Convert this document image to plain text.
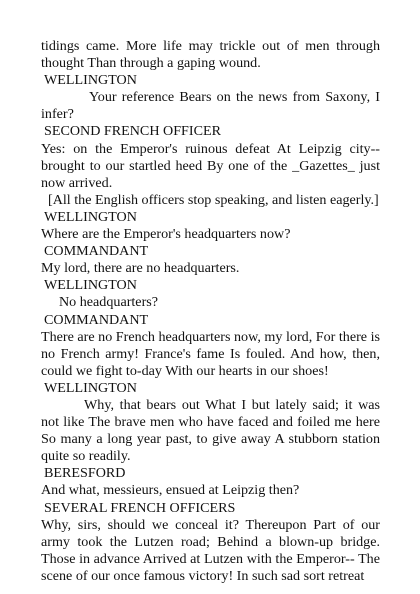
tidings came. More life may trickle out of men through thought Than through a gaping wound.

WELLINGTON

Your reference Bears on the news from Saxony, I infer?

SECOND FRENCH OFFICER

Yes: on the Emperor's ruinous defeat At Leipzig city--brought to our startled heed By one of the _Gazettes_ just now arrived.

[All the English officers stop speaking, and listen eagerly.]

WELLINGTON

Where are the Emperor's headquarters now?

COMMANDANT

My lord, there are no headquarters.

WELLINGTON

No headquarters?

COMMANDANT

There are no French headquarters now, my lord, For there is no French army! France's fame Is fouled. And how, then, could we fight to-day With our hearts in our shoes!

WELLINGTON

Why, that bears out What I but lately said; it was not like The brave men who have faced and foiled me here So many a long year past, to give away A stubborn station quite so readily.

BERESFORD

And what, messieurs, ensued at Leipzig then?

SEVERAL FRENCH OFFICERS

Why, sirs, should we conceal it? Thereupon Part of our army took the Lutzen road; Behind a blown-up bridge. Those in advance Arrived at Lutzen with the Emperor-- The scene of our once famous victory! In such sad sort retreat
